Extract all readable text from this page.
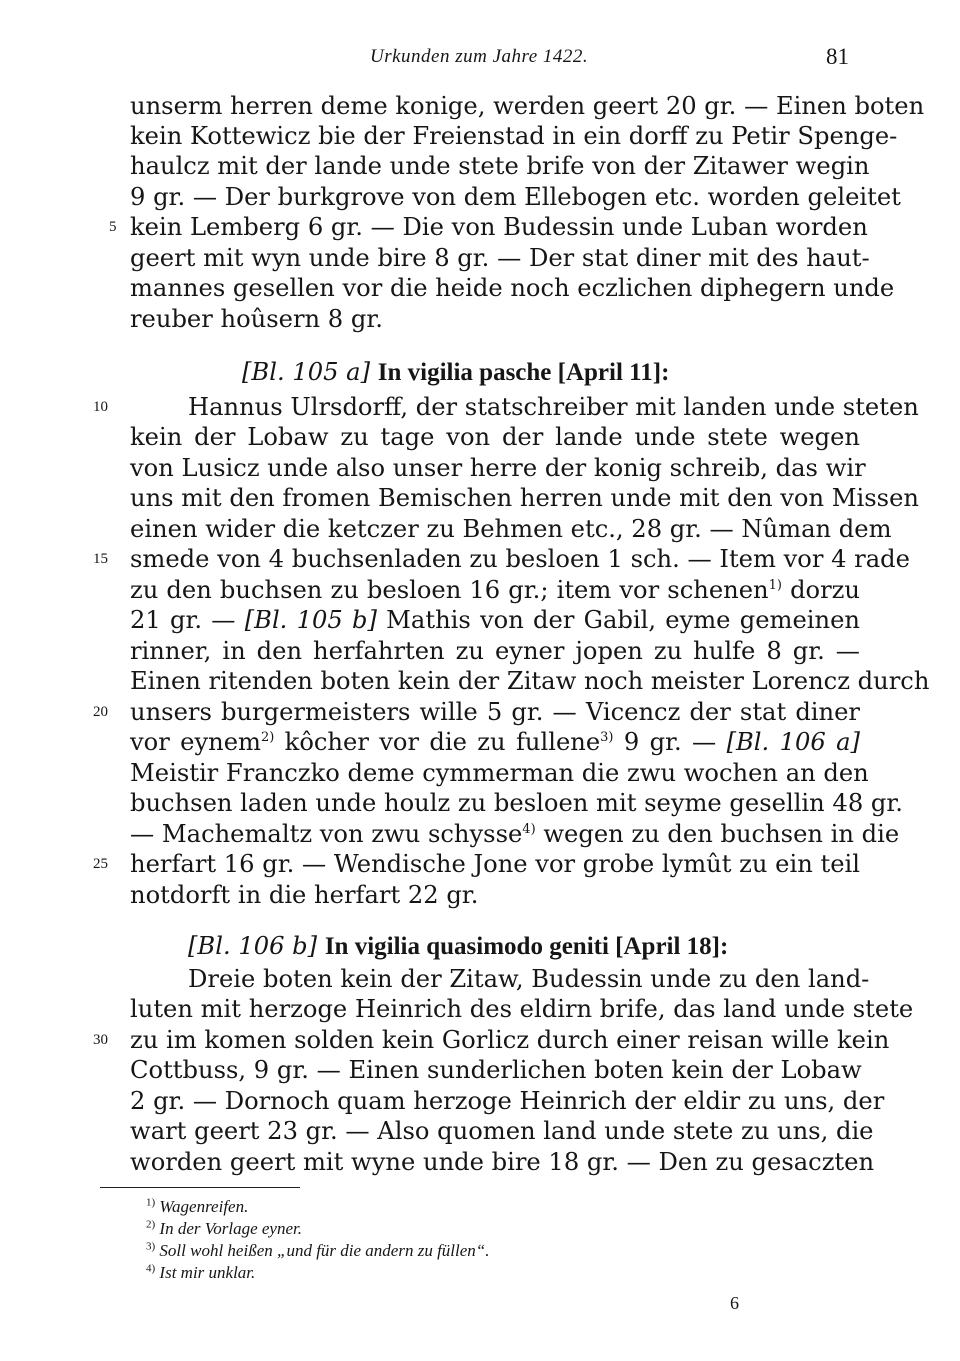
Urkunden zum Jahre 1422.	81
unserm herren deme konige, werden geert 20 gr. — Einen boten
kein Kottewicz bie der Freienstad in ein dorff zu Petir Spenge-
haulcz mit der lande unde stete brife von der Zitawer wegin
9 gr. — Der burkgrove von dem Ellebogen etc. worden geleitet
kein Lemberg 6 gr. — Die von Budessin unde Luban worden
geert mit wyn unde bire 8 gr. — Der stat diner mit des haut-
mannes gesellen vor die heide noch eczlichen diphegern unde
reuber hoûsern 8 gr.
[Bl. 105 a] In vigilia pasche [April 11]:
Hannus Ulrsdorff, der statschreiber mit landen unde steten
kein der Lobaw zu tage von der lande unde stete wegen
von Lusicz unde also unser herre der konig schreib, das wir
uns mit den fromen Bemischen herren unde mit den von Missen
einen wider die ketczer zu Behmen etc., 28 gr. — Nûman dem
smede von 4 buchsenladen zu besloen 1 sch. — Item vor 4 rade
zu den buchsen zu besloen 16 gr.; item vor schenen$^{1)}$ dorzu
21 gr. — [Bl. 105 b] Mathis von der Gabil, eyme gemeinen
rinner, in den herfahrten zu eyner jopen zu hulfe 8 gr. —
Einen ritenden boten kein der Zitaw noch meister Lorencz durch
unsers burgermeisters wille 5 gr. — Vicencz der stat diner
vor eynem$^{2)}$ kôcher vor die zu fullene$^{3)}$ 9 gr. — [Bl. 106 a]
Meistir Franczko deme cymmerman die zwu wochen an den
buchsen laden unde houlz zu besloen mit seyme gesellin 48 gr.
— Machemaltz von zwu schysse$^{4)}$ wegen zu den buchsen in die
herfart 16 gr. — Wendische Jone vor grobe lymût zu ein teil
notdorft in die herfart 22 gr.
[Bl. 106 b] In vigilia quasimodo geniti [April 18]:
Dreie boten kein der Zitaw, Budessin unde zu den land-
luten mit herzoge Heinrich des eldirn brife, das land unde stete
zu im komen solden kein Gorlicz durch einer reisan wille kein
Cottbuss, 9 gr. — Einen sunderlichen boten kein der Lobaw
2 gr. — Dornoch quam herzoge Heinrich der eldir zu uns, der
wart geert 23 gr. — Also quomen land unde stete zu uns, die
worden geert mit wyne unde bire 18 gr. — Den zu gesaczten
5
10
15
20
25
30
$^{1)}$ Wagenreifen.
$^{2)}$ In der Vorlage eyner.
$^{3)}$ Soll wohl heißen „und für die andern zu füllen“.
$^{4)}$ Ist mir unklar.
6
